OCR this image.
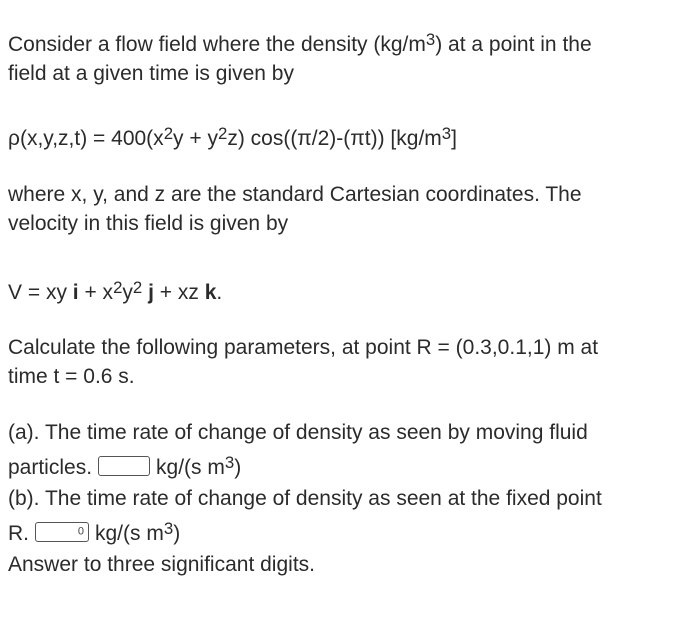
Consider a flow field where the density $(kg/m^3)$ at a point in the
field at a given time is given by
$\rho(x,y,z,t) = 400(x^2y + y^2z)$ cos((π/2)-(πt)) $[kg/m^3]$
where x, y, and z are the standard Cartesian coordinates. The
velocity in this field is given by
V = xy $i + x^2y^2$ j + xz k.
Calculate the following parameters, at point R = (0.3,0.1,1) m at
time t = 0.6 s.
(a). The time rate of change of density as seen by moving fluid
particles.	kg/(s $m^3$)
(b). The time rate of change of density as seen at the fixed point
R.	0 kg/(s $m^3$)
Answer to three significant digits.
